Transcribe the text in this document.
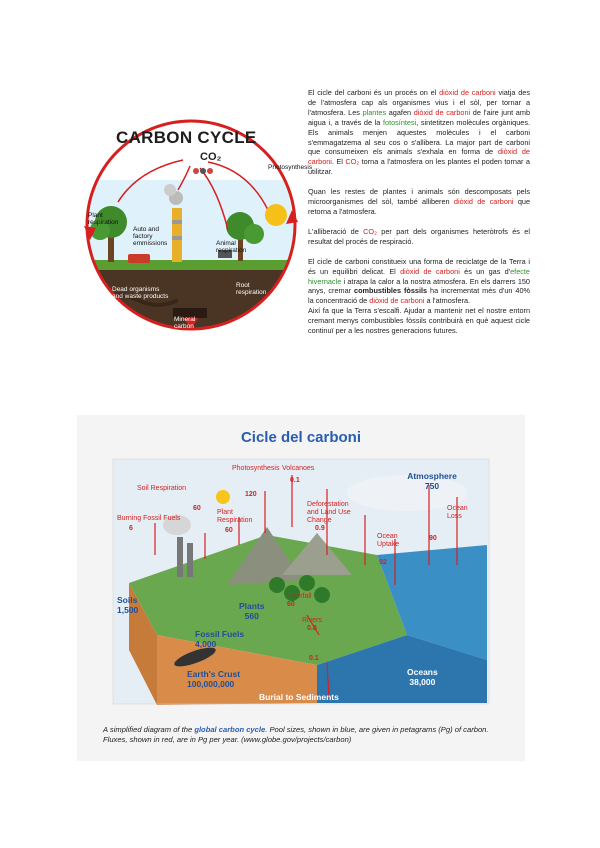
CARBON CYCLE
CO₂
Photosynthesis
Plant
respiration
Auto and
factory
emmissions	Animal
respiration
Root
respiration
Dead organisms
and waste products
Mineral
carbon

El cicle del carboni és un procés on el diòxid de carboni viatja des de l'atmosfera cap als organismes vius i el sòl, per tornar a l'atmosfera. Les plantes agafen diòxid de carboni de l'aire junt amb aigua i, a través de la fotosíntesi, sintetitzen molècules orgàniques. Els animals menjen aquestes molècules i el carboni s'emmagatzema al seu cos o s'allibera. La major part de carboni que consumeixen els animals s'exhala en forma de diòxid de carboni. El CO₂ torna a l'atmosfera on les plantes el poden tornar a utilitzar.

Quan les restes de plantes i animals són descomposats pels microorganismes del sòl, també alliberen diòxid de carboni que retorna a l'atmosfera.

L'alliberació de CO₂ per part dels organismes heteròtrofs és el resultat del procés de respiració.

El cicle de carboni constitueix una forma de reciclatge de la Terra i és un equilibri delicat. El diòxid de carboni és un gas d'efecte hivernacle i atrapa la calor a la nostra atmosfera. En els darrers 150 anys, cremar combustibles fòssils ha incrementat més d'un 40% la concentració de diòxid de carboni a l'atmosfera.
Així fa que la Terra s'escalfi. Ajudar a mantenir net el nostre entorn cremant menys combustibles fòssils contribuirà en què aquest cicle continuï per a les nostres generacions futures.

Cicle del carboni
Atmosphere
750
Soils
1,500	Plants
560
Fossil Fuels
4,000
Earth's Crust
100,000,000
Oceans
38,000
Burial to Sediments
Soil Respiration
60
Photosynthesis
120
Volcanoes
0.1
Burning Fossil Fuels
6
Plant
Respiration
60
Deforestation
and Land Use
Change
0.9
Ocean
Loss
90
Ocean
Uptake
92
Litterfall
60
Rivers
0.8
0.1
A simplified diagram of the global carbon cycle. Pool sizes, shown in blue, are given in petagrams (Pg) of carbon. Fluxes, shown in red, are in Pg per year. (www.globe.gov/projects/carbon)
